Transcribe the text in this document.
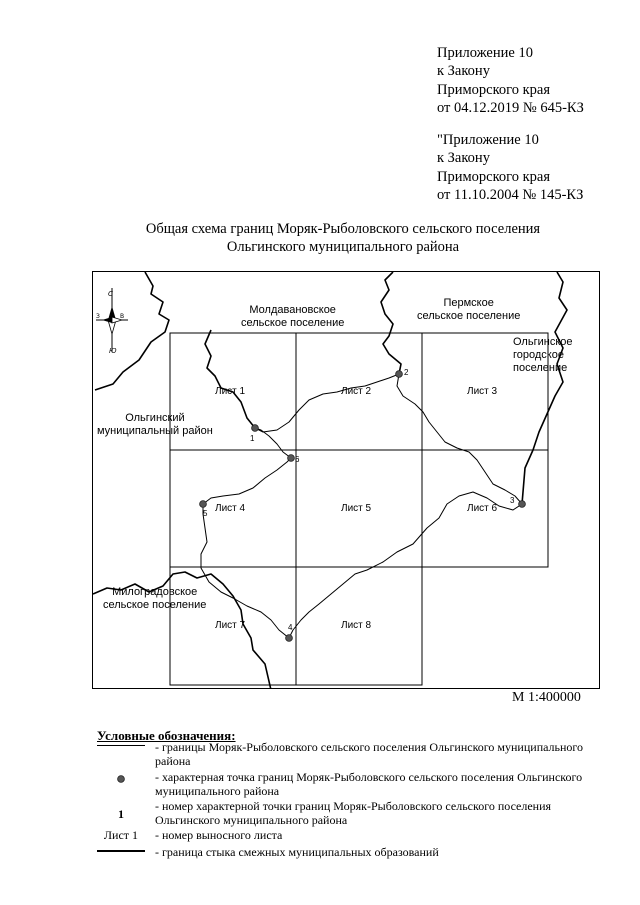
Приложение 10
к Закону
Приморского края
от 04.12.2019 № 645-КЗ
"Приложение 10
к Закону
Приморского края
от 11.10.2004 № 145-КЗ
Общая схема границ Моряк-Рыболовского сельского поселения
Ольгинского муниципального района
С
Ю
З	В
Молдавановское
сельское поселение
Пермское
сельское поселение
Ольгинское
городское
поселение
Ольгинский
муниципальный район
Милоградовское
сельское поселение
Лист 1	Лист 2	Лист 3
Лист 4	Лист 5	Лист 6
Лист 7	Лист 8
1
2
3
4
5
6
М 1:400000
Условные обозначения:
- границы Моряк-Рыболовского сельского поселения Ольгинского муниципального района
- характерная точка границ Моряк-Рыболовского сельского поселения Ольгинского муниципального района
1
- номер характерной точки границ Моряк-Рыболовского сельского поселения Ольгинского муниципального района
Лист 1	- номер выносного листа
- граница стыка смежных муниципальных образований
